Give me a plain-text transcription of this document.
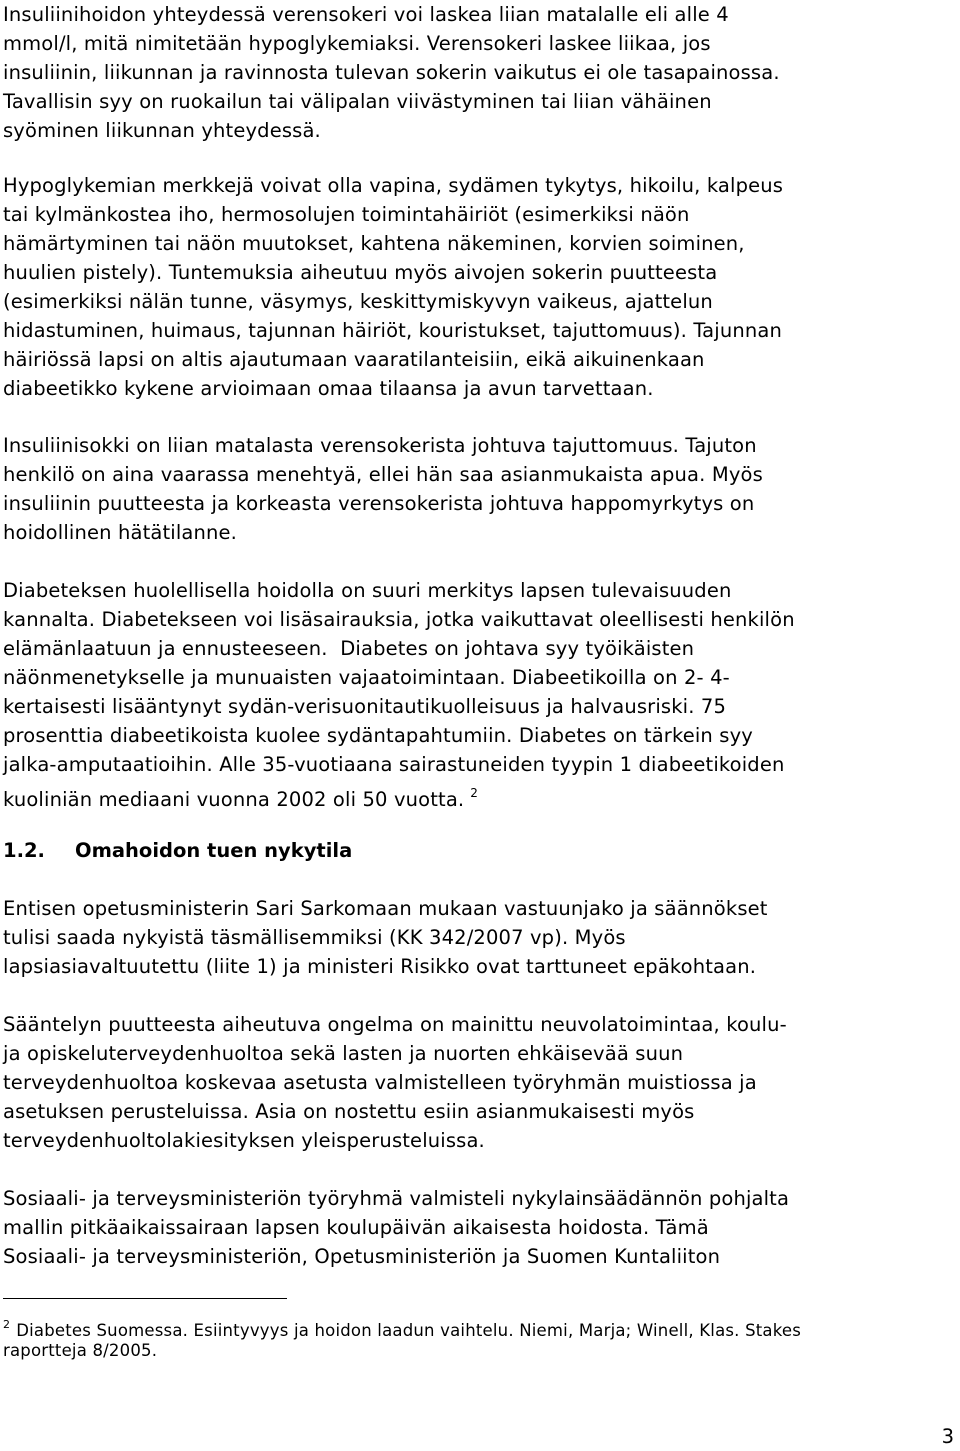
Insuliinihoidon yhteydessä verensokeri voi laskea liian matalalle eli alle 4
mmol/l, mitä nimitetään hypoglykemiaksi. Verensokeri laskee liikaa, jos
insuliinin, liikunnan ja ravinnosta tulevan sokerin vaikutus ei ole tasapainossa.
Tavallisin syy on ruokailun tai välipalan viivästyminen tai liian vähäinen
syöminen liikunnan yhteydessä.
Hypoglykemian merkkejä voivat olla vapina, sydämen tykytys, hikoilu, kalpeus
tai kylmänkostea iho, hermosolujen toimintahäiriöt (esimerkiksi näön
hämärtyminen tai näön muutokset, kahtena näkeminen, korvien soiminen,
huulien pistely). Tuntemuksia aiheutuu myös aivojen sokerin puutteesta
(esimerkiksi nälän tunne, väsymys, keskittymiskyvyn vaikeus, ajattelun
hidastuminen, huimaus, tajunnan häiriöt, kouristukset, tajuttomuus). Tajunnan
häiriössä lapsi on altis ajautumaan vaaratilanteisiin, eikä aikuinenkaan
diabeetikko kykene arvioimaan omaa tilaansa ja avun tarvettaan.
Insuliinisokki on liian matalasta verensokerista johtuva tajuttomuus. Tajuton
henkilö on aina vaarassa menehtyä, ellei hän saa asianmukaista apua. Myös
insuliinin puutteesta ja korkeasta verensokerista johtuva happomyrkytys on
hoidollinen hätätilanne.
Diabeteksen huolellisella hoidolla on suuri merkitys lapsen tulevaisuuden
kannalta. Diabetekseen voi lisäsairauksia, jotka vaikuttavat oleellisesti henkilön
elämänlaatuun ja ennusteeseen.  Diabetes on johtava syy työikäisten
näönmenetykselle ja munuaisten vajaatoimintaan. Diabeetikoilla on 2- 4-
kertaisesti lisääntynyt sydän-verisuonitautikuolleisuus ja halvausriski. 75
prosenttia diabeetikoista kuolee sydäntapahtumiin. Diabetes on tärkein syy
jalka-amputaatioihin. Alle 35-vuotiaana sairastuneiden tyypin 1 diabeetikoiden
kuoliniän mediaani vuonna 2002 oli 50 vuotta. $^2$
1.2. Omahoidon tuen nykytila
Entisen opetusministerin Sari Sarkomaan mukaan vastuunjako ja säännökset
tulisi saada nykyistä täsmällisemmiksi (KK 342/2007 vp). Myös
lapsiasiavaltuutettu (liite 1) ja ministeri Risikko ovat tarttuneet epäkohtaan.
Sääntelyn puutteesta aiheutuva ongelma on mainittu neuvolatoimintaa, koulu-
ja opiskeluterveydenhuoltoa sekä lasten ja nuorten ehkäisevää suun
terveydenhuoltoa koskevaa asetusta valmistelleen työryhmän muistiossa ja
asetuksen perusteluissa. Asia on nostettu esiin asianmukaisesti myös
terveydenhuoltolakiesityksen yleisperusteluissa.
Sosiaali- ja terveysministeriön työryhmä valmisteli nykylainsäädännön pohjalta
mallin pitkäaikaissairaan lapsen koulupäivän aikaisesta hoidosta. Tämä
Sosiaali- ja terveysministeriön, Opetusministeriön ja Suomen Kuntaliiton
$^2$ Diabetes Suomessa. Esiintyvyys ja hoidon laadun vaihtelu. Niemi, Marja; Winell, Klas. Stakes
raportteja 8/2005.
3
